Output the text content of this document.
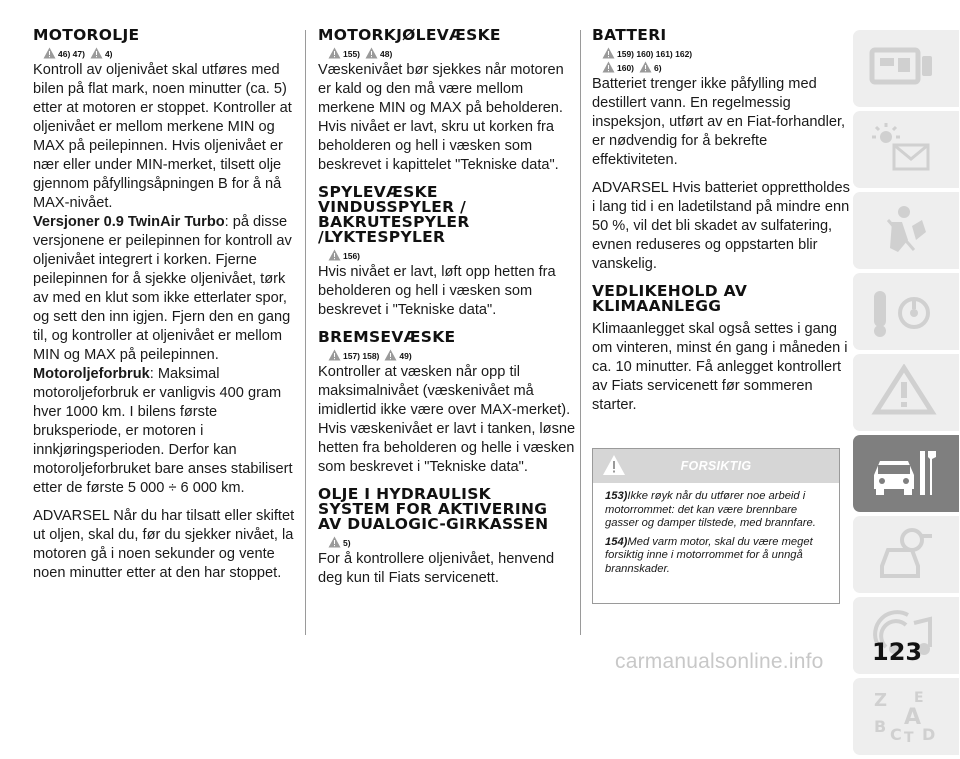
MOTOROLJE
46) 47) 4)

Kontroll av oljenivået skal utføres med bilen på flat mark, noen minutter (ca. 5) etter at motoren er stoppet. Kontroller at oljenivået er mellom merkene MIN og MAX på peilepinnen. Hvis oljenivået er nær eller under MIN-merket, tilsett olje gjennom påfyllingsåpningen B for å nå MAX-nivået.

Versjoner 0.9 TwinAir Turbo: på disse versjonene er peilepinnen for kontroll av oljenivået integrert i korken. Fjerne peilepinnen for å sjekke oljenivået, tørk av med en klut som ikke etterlater spor, og sett den inn igjen. Fjern den en gang til, og kontroller at oljenivået er mellom MIN og MAX på peilepinnen.

Motoroljeforbruk: Maksimal motoroljeforbruk er vanligvis 400 gram hver 1000 km. I bilens første bruksperiode, er motoren i innkjøringsperioden. Derfor kan motoroljeforbruket bare anses stabilisert etter de første 5 000 ÷ 6 000 km.

ADVARSEL Når du har tilsatt eller skiftet ut oljen, skal du, før du sjekker nivået, la motoren gå i noen sekunder og vente noen minutter etter at den har stoppet.

MOTORKJØLEVÆSKE
155) 48)

Væskenivået bør sjekkes når motoren er kald og den må være mellom merkene MIN og MAX på beholderen. Hvis nivået er lavt, skru ut korken fra beholderen og hell i væsken som beskrevet i kapittelet "Tekniske data".

SPYLEVÆSKE VINDUSSPYLER / BAKRUTESPYLER /LYKTESPYLER
156)

Hvis nivået er lavt, løft opp hetten fra beholderen og hell i væsken som beskrevet i "Tekniske data".

BREMSEVÆSKE
157) 158) 49)

Kontroller at væsken når opp til maksimalnivået (væskenivået må imidlertid ikke være over MAX-merket). Hvis væskenivået er lavt i tanken, løsne hetten fra beholderen og helle i væsken som beskrevet i "Tekniske data".

OLJE I HYDRAULISK SYSTEM FOR AKTIVERING AV DUALOGIC-GIRKASSEN
5)

For å kontrollere oljenivået, henvend deg kun til Fiats servicenett.

BATTERI
159) 160) 161) 162)
160) 6)

Batteriet trenger ikke påfylling med destillert vann. En regelmessig inspeksjon, utført av en Fiat-forhandler, er nødvendig for å bekrefte effektiviteten.

ADVARSEL Hvis batteriet opprettholdes i lang tid i en ladetilstand på mindre enn 50 %, vil det bli skadet av sulfatering, evnen reduseres og oppstarten blir vanskelig.

VEDLIKEHOLD AV KLIMAANLEGG

Klimaanlegget skal også settes i gang om vinteren, minst én gang i måneden i ca. 10 minutter. Få anlegget kontrollert av Fiats servicenett før sommeren starter.

FORSIKTIG

153)Ikke røyk når du utfører noe arbeid i motorrommet: det kan være brennbare gasser og damper tilstede, med brannfare.

154)Med varm motor, skal du være meget forsiktig inne i motorrommet for å unngå brannskader.

Z E
B A
C T D
123
carmanualsonline.info
